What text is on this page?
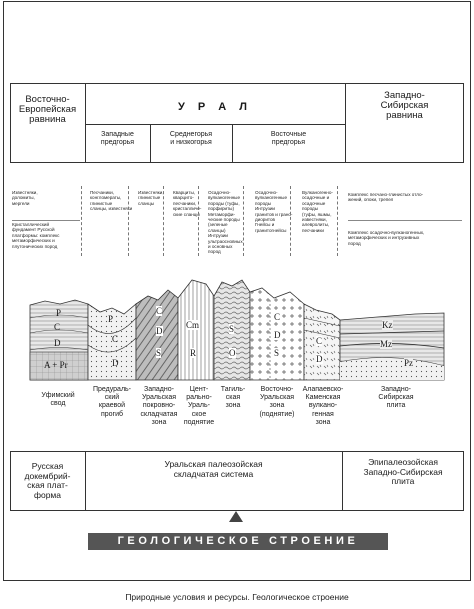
Восточно-
Европейская
равнина
У Р А Л
Западно-
Сибирская
равнина
Западные
предгорья
Среднегорья
и низкогорья
Восточные
предгорья
Известняки,
доломиты,
мергели
Кристаллический
фундамент Русской
платформы: комплекс
метаморфических и
плутонических пород
Песчаники,
конгломераты,
глинистые
сланцы, известняки
Известняки,
глинистые
сланцы
Кварциты,
кварцито-
песчаники,
кристалличе-
ские сланцы
Осадочно-
вулканогенные
породы (туфы,
порфириты)
Метаморфи-
ческие породы
(зеленые
сланцы)
Интрузии
ультраосновных
и основных
пород
Осадочно-
вулканогенные
породы
Интрузии
гранитов и грано-
диоритов
Гнейсы и
гранитогнейсы
Вулканогенно-
осадочные и
осадочные
породы
(туфы, яшмы,
известняки,
алевролиты,
песчаники
Комплекс песчано-глинистых отло-
жений, опоки, трепел
Комплекс осадочно-вулканогенных,
метаморфических и интрузивных
пород
P
C
D
A + Pr
P
C
D
C
D
S
Cm
R
S
O
C
D
S
C
D
Kz
Mz
Pz
Уфимский
свод
Предураль-
ский
краевой
прогиб
Западно-
Уральская
покровно-
складчатая
зона
Цент-
рально-
Ураль-
ское
поднятие
Тагиль-
ская
зона
Восточно-
Уральская
зона
(поднятие)
Алапаевско-
Каменская
вулкано-
генная
зона
Западно-
Сибирская
плита
Русская
докембрий-
ская плат-
форма
Уральская палеозойская
складчатая система
Эпипалеозойская
Западно-Сибирская
плита
ГЕОЛОГИЧЕСКОЕ СТРОЕНИЕ
Природные условия и ресурсы. Геологическое строение
